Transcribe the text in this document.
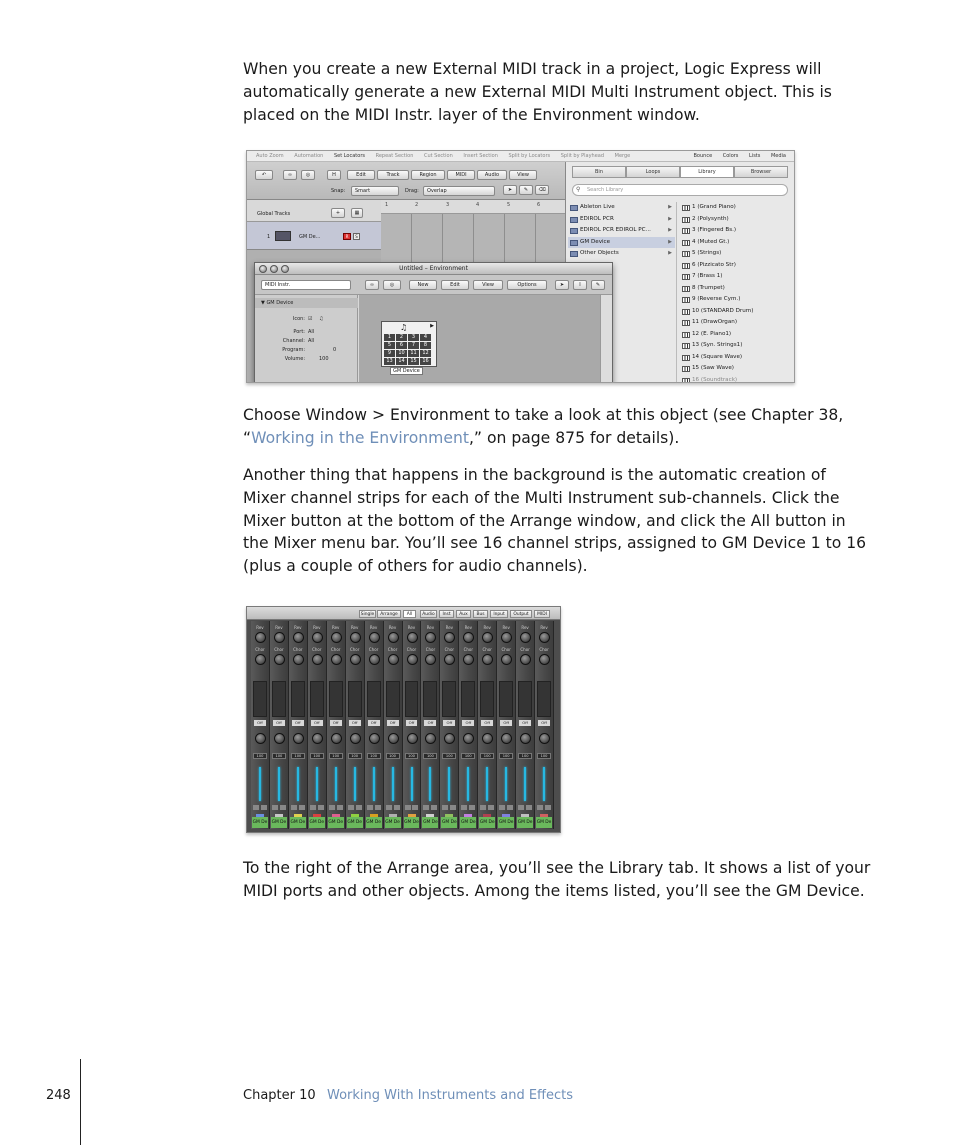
When you create a new External MIDI track in a project, Logic Express will automatically generate a new External MIDI Multi Instrument object. This is placed on the MIDI Instr. layer of the Environment window.

Auto Zoom Automation Set Locators Repeat Section Cut Section Insert Section Split by Locators Split by Playhead Merge	Bounce Colors Lists Media
↶	∞	◎	H	Edit	Track	Region	MIDI	Audio	View
Snap:	Smart	Drag:	Overlap	➤	✎	⌫
1	2	3	4	5	6
Global Tracks	+	▦
1	GM De...	R	S
Bin	Loops	Library	Browser
Search Library
⚲
Ableton Live	▶
EDIROL PCR	▶
EDIROL PCR EDIROL PC...	▶
GM Device	▶
Other Objects	▶
1 (Grand Piano)
2 (Polysynth)
3 (Fingered Bs.)
4 (Muted Gt.)
5 (Strings)
6 (Pizzicato Str)
7 (Brass 1)
8 (Trumpet)
9 (Reverse Cym.)
10 (STANDARD Drum)
11 (DrawOrgan)
12 (E. Piano1)
13 (Syn. Strings1)
14 (Square Wave)
15 (Saw Wave)
16 (Soundtrack)
Untitled – Environment
MIDI Instr.	∞	◎	New	Edit	View	Options	➤	I	✎
▼ GM Device
Icon: ☑ ♫
Port: All
Channel: All
Program:	0
Volume:	100
♫	▶
1	2	3	4
5	6	7	8
9	10	11	12
13	14	15	16
GM Device

Choose Window > Environment to take a look at this object (see Chapter 38, “Working in the Environment,” on page 875 for details).

Another thing that happens in the background is the automatic creation of Mixer channel strips for each of the Multi Instrument sub-channels. Click the Mixer button at the bottom of the Arrange window, and click the All button in the Mixer menu bar. You’ll see 16 channel strips, assigned to GM Device 1 to 16 (plus a couple of others for audio channels).

Single	Arrange	All	Audio	Inst	Aux	Bus	Input	Output	MIDI
Rev
Chor
Off
100
GM De
Rev
Chor
Off
100
GM De
Rev
Chor
Off
100
GM De
Rev
Chor
Off
100
GM De
Rev
Chor
Off
100
GM De
Rev
Chor
Off
100
GM De
Rev
Chor
Off
100
GM De
Rev
Chor
Off
100
GM De
Rev
Chor
Off
100
GM De
Rev
Chor
Off
100
GM De
Rev
Chor
Off
100
GM De
Rev
Chor
Off
100
GM De
Rev
Chor
Off
100
GM De
Rev
Chor
Off
100
GM De
Rev
Chor
Off
100
GM De
Rev
Chor
Off
100
GM De

To the right of the Arrange area, you’ll see the Library tab. It shows a list of your MIDI ports and other objects. Among the items listed, you’ll see the GM Device.

248	Chapter 10 Working With Instruments and Effects
